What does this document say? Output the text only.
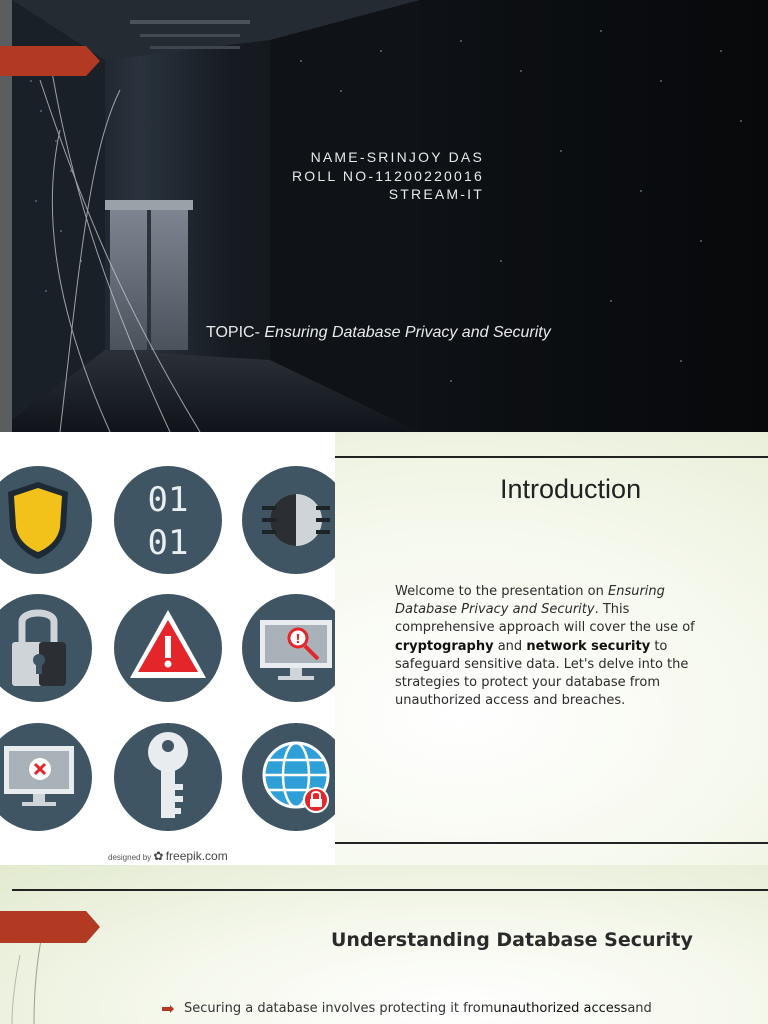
NAME-SRINJOY DAS
ROLL NO-11200220016
STREAM-IT
TOPIC- Ensuring Database Privacy and Security
01
01
!
designed by ✿ freepik.com
Introduction
Welcome to the presentation on Ensuring Database Privacy and Security. This comprehensive approach will cover the use of cryptography and network security to safeguard sensitive data. Let's delve into the strategies to protect your database from unauthorized access and breaches.
Understanding Database Security
Securing a database involves protecting it from unauthorized access and
